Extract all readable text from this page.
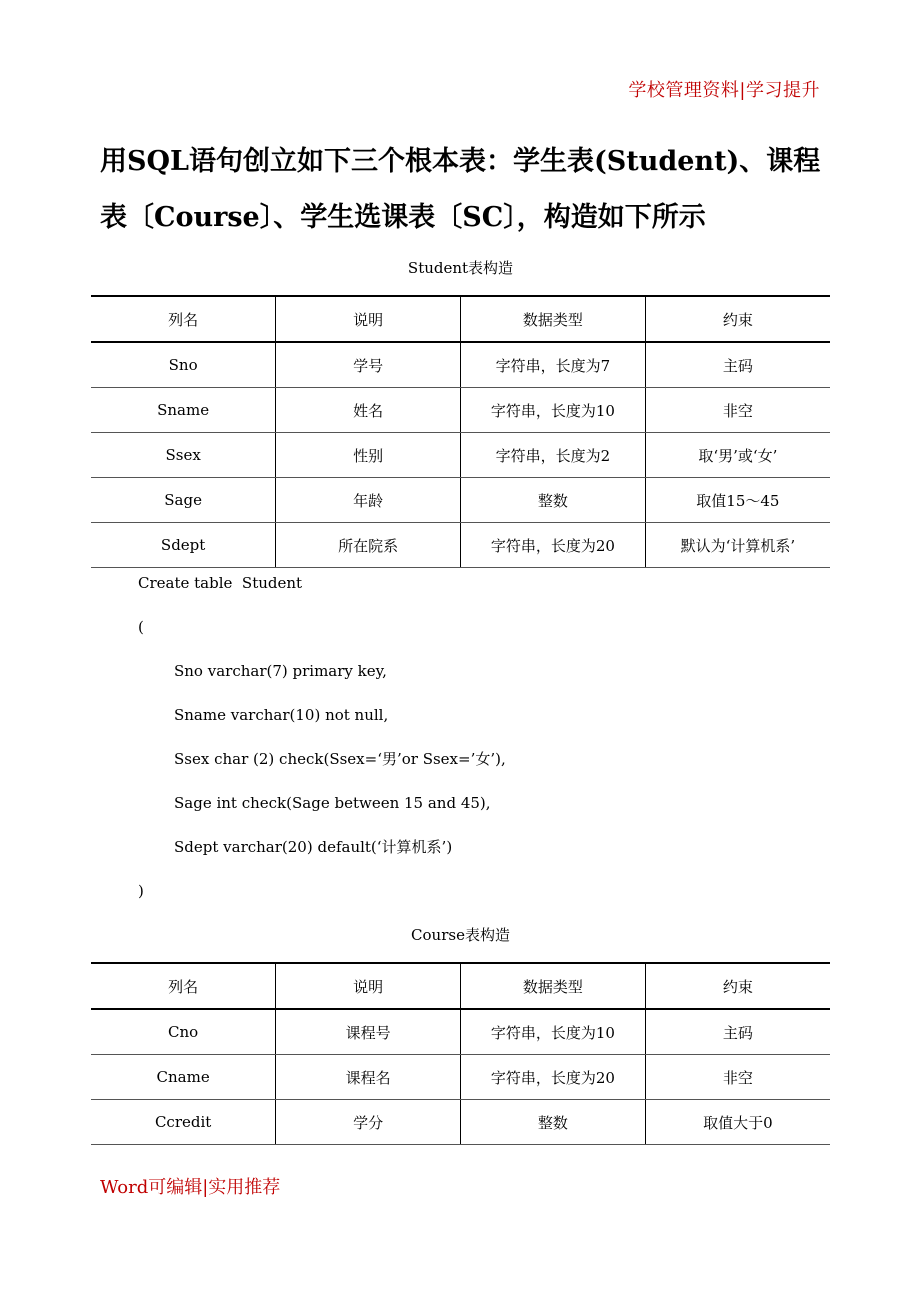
学校管理资料|学习提升
用SQL语句创立如下三个根本表：学生表(Student)、课程表〔Course〕、学生选课表〔SC〕，构造如下所示
Student表构造
列名	说明	数据类型	约束
Sno	学号	字符串，长度为7	主码
Sname	姓名	字符串，长度为10	非空
Ssex	性别	字符串，长度为2	取‘男’或‘女’
Sage	年龄	整数	取值15～45
Sdept	所在院系	字符串，长度为20	默认为‘计算机系’
Create table  Student
(
Sno varchar(7) primary key,
Sname varchar(10) not null,
Ssex char (2) check(Ssex=‘男’or Ssex=’女’),
Sage int check(Sage between 15 and 45),
Sdept varchar(20) default(‘计算机系’)
)
Course表构造
列名	说明	数据类型	约束
Cno	课程号	字符串，长度为10	主码
Cname	课程名	字符串，长度为20	非空
Ccredit	学分	整数	取值大于0
Word可编辑|实用推荐
